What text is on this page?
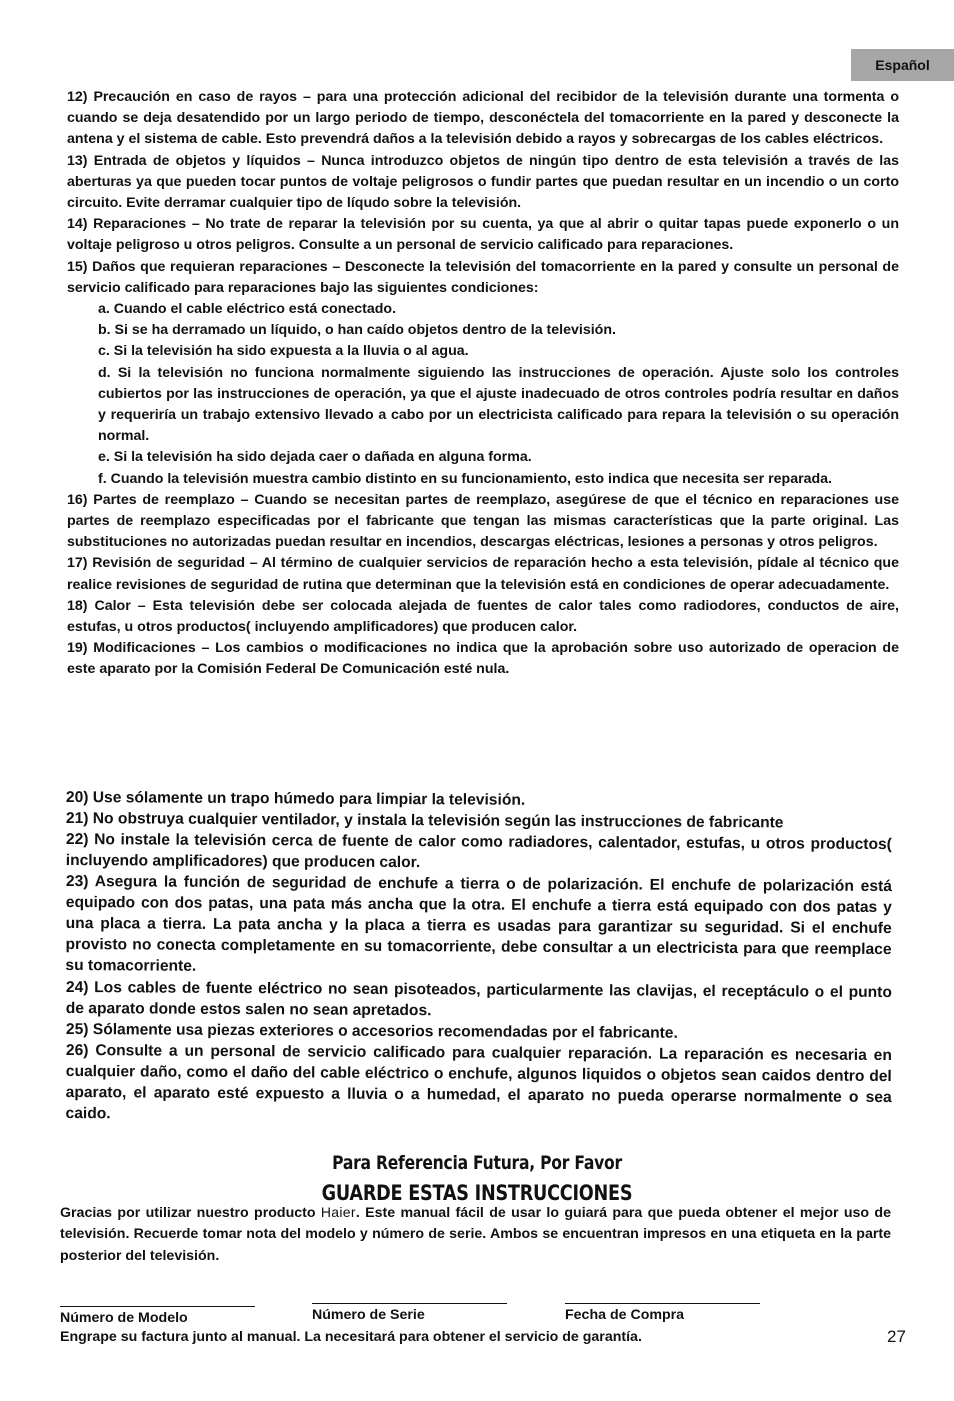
Español

12) Precaución en caso de rayos – para una protección adicional del recibidor de la televisión durante una tormenta o cuando se deja desatendido por un largo periodo de tiempo, desconéctela del tomacorriente en la pared y desconecte la antena y el sistema de cable. Esto prevendrá daños a la televisión debido a rayos y sobrecargas de los cables eléctricos.

13) Entrada de objetos y líquidos – Nunca introduzco objetos de ningún tipo dentro de esta televisión a través de las aberturas ya que pueden tocar puntos de voltaje peligrosos o fundir partes que puedan resultar en un incendio o un corto circuito. Evite derramar cualquier tipo de líqudo sobre la televisión.

14) Reparaciones – No trate de reparar la televisión por su cuenta, ya que al abrir o quitar tapas puede exponerlo o un voltaje peligroso u otros peligros. Consulte a un personal de servicio calificado para reparaciones.

15) Daños que requieran reparaciones – Desconecte la televisión del tomacorriente en la pared y consulte un personal de servicio calificado para reparaciones bajo las siguientes condiciones:

a. Cuando el cable eléctrico está conectado.

b. Si se ha derramado un líquido, o han caído objetos dentro de la televisión.

c. Si la televisión ha sido expuesta a la lluvia o al agua.

d. Si la televisión no funciona normalmente siguiendo las instrucciones de operación. Ajuste solo los controles cubiertos por las instrucciones de operación, ya que el ajuste inadecuado de otros controles podría resultar en daños y requeriría un trabajo extensivo llevado a cabo por un electricista calificado para repara la televisión o su operación normal.

e. Si la televisión ha sido dejada caer o dañada en alguna forma.

f. Cuando la televisión muestra cambio distinto en su funcionamiento, esto indica que necesita ser reparada.

16) Partes de reemplazo – Cuando se necesitan partes de reemplazo, asegúrese de que el técnico en reparaciones use partes de reemplazo especificadas por el fabricante que tengan las mismas características que la parte original. Las substituciones no autorizadas puedan resultar en incendios, descargas eléctricas, lesiones a personas y otros peligros.

17) Revisión de seguridad – Al término de cualquier servicios de reparación hecho a esta televisión, pídale al técnico que realice revisiones de seguridad de rutina que determinan que la televisión está en condiciones de operar adecuadamente.

18) Calor – Esta televisión debe ser colocada alejada de fuentes de calor tales como radiodores, conductos de aire, estufas, u otros productos( incluyendo amplificadores) que producen calor.

19) Modificaciones – Los cambios o modificaciones no indica que la aprobación sobre uso autorizado de operacion de este aparato por la Comisión Federal De Comunicación esté nula.

20) Use sólamente un trapo húmedo para limpiar la televisión.

21) No obstruya cualquier ventilador, y instala la televisión según las instrucciones de fabricante

22) No instale la televisión cerca de fuente de calor como radiadores, calentador, estufas, u otros productos( incluyendo amplificadores) que producen calor.

23) Asegura la función de seguridad de enchufe a tierra o de polarización. El enchufe de polarización está equipado con dos patas, una pata más ancha que la otra. El enchufe a tierra está equipado con dos patas y una placa a tierra. La pata ancha y la placa a tierra es usadas para garantizar su seguridad. Si el enchufe provisto no conecta completamente en su tomacorriente, debe consultar a un electricista para que reemplace su tomacorriente.

24) Los cables de fuente eléctrico no sean pisoteados, particularmente las clavijas, el receptáculo o el punto de aparato donde estos salen no sean apretados.

25) Sólamente usa piezas exteriores o accesorios recomendadas por el fabricante.

26) Consulte a un personal de servicio calificado para cualquier reparación. La reparación es necesaria en cualquier daño, como el daño del cable eléctrico o enchufe, algunos liquidos o objetos sean caidos dentro del aparato, el aparato esté expuesto a lluvia o a humedad, el aparato no pueda operarse normalmente o sea caido.

Para Referencia Futura, Por Favor
GUARDE ESTAS INSTRUCCIONES

Gracias por utilizar nuestro producto Haier. Este manual fácil de usar lo guiará para que pueda obtener el mejor uso de televisión. Recuerde tomar nota del modelo y número de serie. Ambos se encuentran impresos en una etiqueta en la parte posterior del televisión.

Número de Modelo	Número de Serie	Fecha de Compra
Engrape su factura junto al manual. La necesitará para obtener el servicio de garantía.	27
